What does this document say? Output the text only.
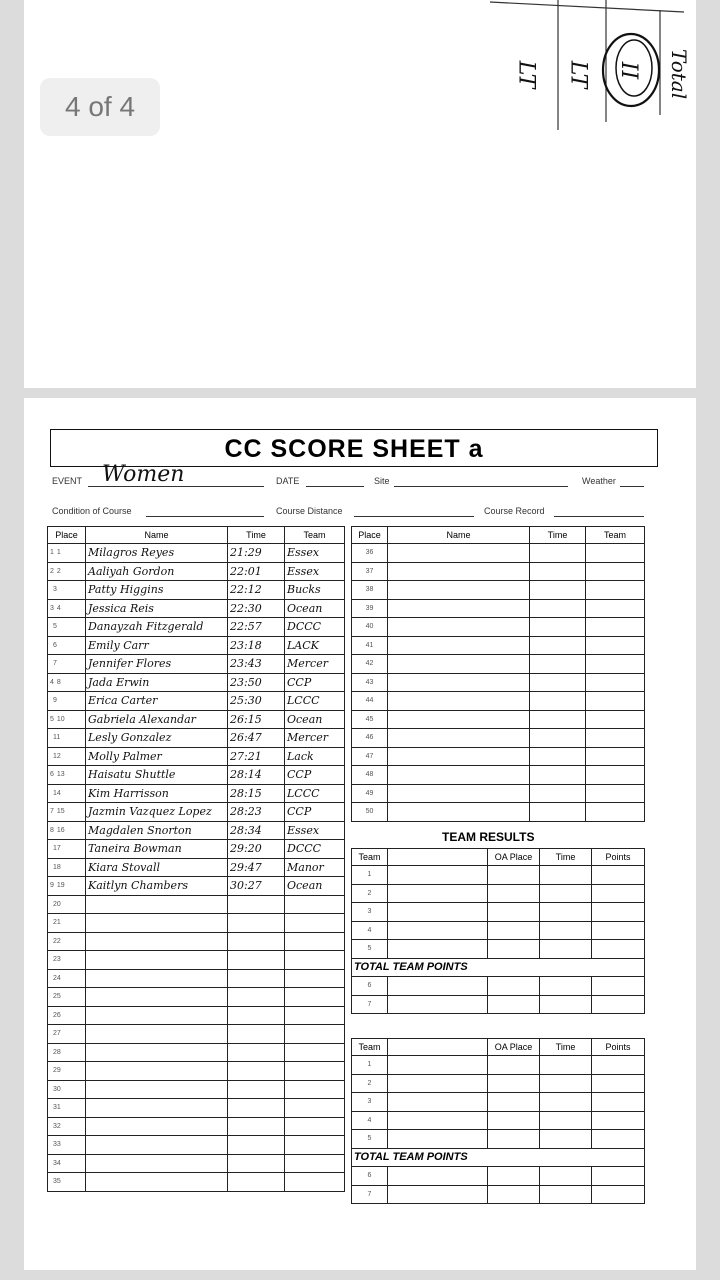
LT LT II Total
4 of 4
CC SCORE SHEET a
EVENT Women	DATE	Site	Weather
Condition of Course	Course Distance	Course Record
Place	Name	Time	Team
1 1	Milagros Reyes	21:29	Essex
2 2	Aaliyah Gordon	22:01	Essex
3	Patty Higgins	22:12	Bucks
3 4	Jessica Reis	22:30	Ocean
5	Danayzah Fitzgerald	22:57	DCCC
6	Emily Carr	23:18	LACK
7	Jennifer Flores	23:43	Mercer
4 8	Jada Erwin	23:50	CCP
9	Erica Carter	25:30	LCCC
5 10	Gabriela Alexandar	26:15	Ocean
11	Lesly Gonzalez	26:47	Mercer
12	Molly Palmer	27:21	Lack
6 13	Haisatu Shuttle	28:14	CCP
14	Kim Harrisson	28:15	LCCC
7 15	Jazmin Vazquez Lopez	28:23	CCP
8 16	Magdalen Snorton	28:34	Essex
17	Taneira Bowman	29:20	DCCC
18	Kiara Stovall	29:47	Manor
9 19	Kaitlyn Chambers	30:27	Ocean
20			
21			
22			
23			
24			
25			
26			
27			
28			
29			
30			
31			
32			
33			
34			
35			
Place	Name	Time	Team
36			
37			
38			
39			
40			
41			
42			
43			
44			
45			
46			
47			
48			
49			
50			
TEAM RESULTS
Team		OA Place	Time	Points
1				
2				
3				
4				
5				
TOTAL TEAM POINTS				
6				
7				
Team		OA Place	Time	Points
1				
2				
3				
4				
5				
TOTAL TEAM POINTS				
6				
7				
